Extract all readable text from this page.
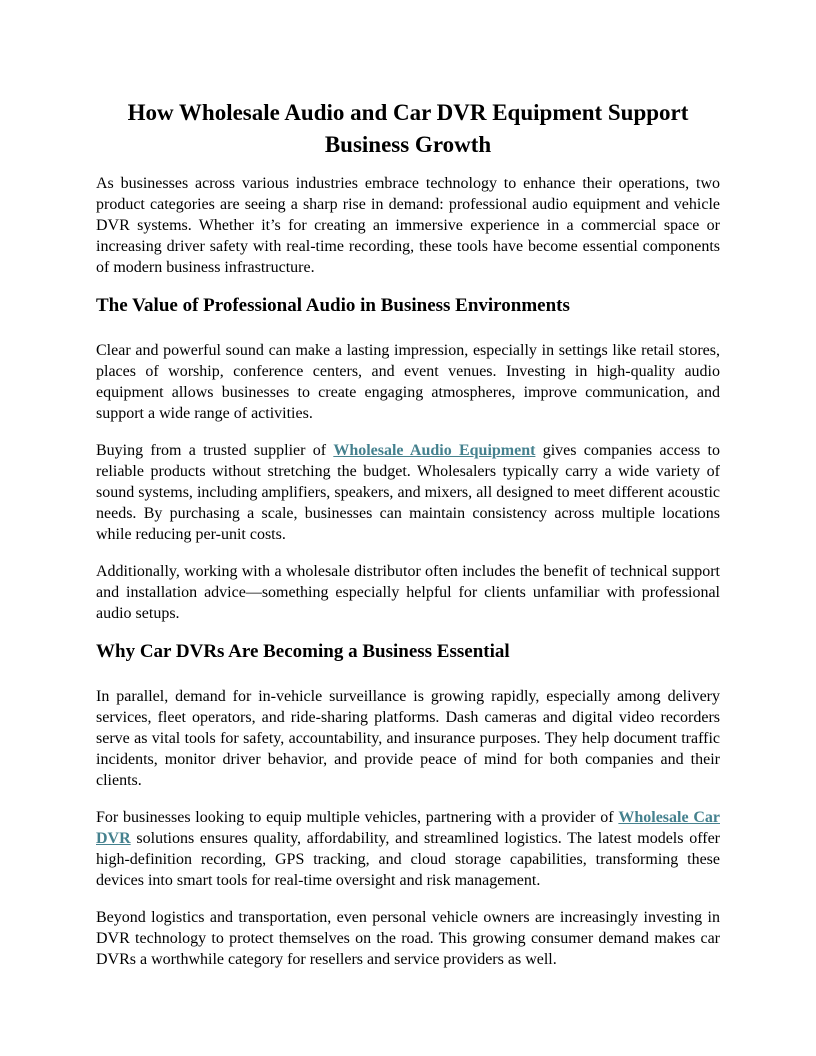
How Wholesale Audio and Car DVR Equipment Support Business Growth

As businesses across various industries embrace technology to enhance their operations, two product categories are seeing a sharp rise in demand: professional audio equipment and vehicle DVR systems. Whether it’s for creating an immersive experience in a commercial space or increasing driver safety with real-time recording, these tools have become essential components of modern business infrastructure.

The Value of Professional Audio in Business Environments

Clear and powerful sound can make a lasting impression, especially in settings like retail stores, places of worship, conference centers, and event venues. Investing in high-quality audio equipment allows businesses to create engaging atmospheres, improve communication, and support a wide range of activities.

Buying from a trusted supplier of Wholesale Audio Equipment gives companies access to reliable products without stretching the budget. Wholesalers typically carry a wide variety of sound systems, including amplifiers, speakers, and mixers, all designed to meet different acoustic needs. By purchasing a scale, businesses can maintain consistency across multiple locations while reducing per-unit costs.

Additionally, working with a wholesale distributor often includes the benefit of technical support and installation advice—something especially helpful for clients unfamiliar with professional audio setups.

Why Car DVRs Are Becoming a Business Essential

In parallel, demand for in-vehicle surveillance is growing rapidly, especially among delivery services, fleet operators, and ride-sharing platforms. Dash cameras and digital video recorders serve as vital tools for safety, accountability, and insurance purposes. They help document traffic incidents, monitor driver behavior, and provide peace of mind for both companies and their clients.

For businesses looking to equip multiple vehicles, partnering with a provider of Wholesale Car DVR solutions ensures quality, affordability, and streamlined logistics. The latest models offer high-definition recording, GPS tracking, and cloud storage capabilities, transforming these devices into smart tools for real-time oversight and risk management.

Beyond logistics and transportation, even personal vehicle owners are increasingly investing in DVR technology to protect themselves on the road. This growing consumer demand makes car DVRs a worthwhile category for resellers and service providers as well.
